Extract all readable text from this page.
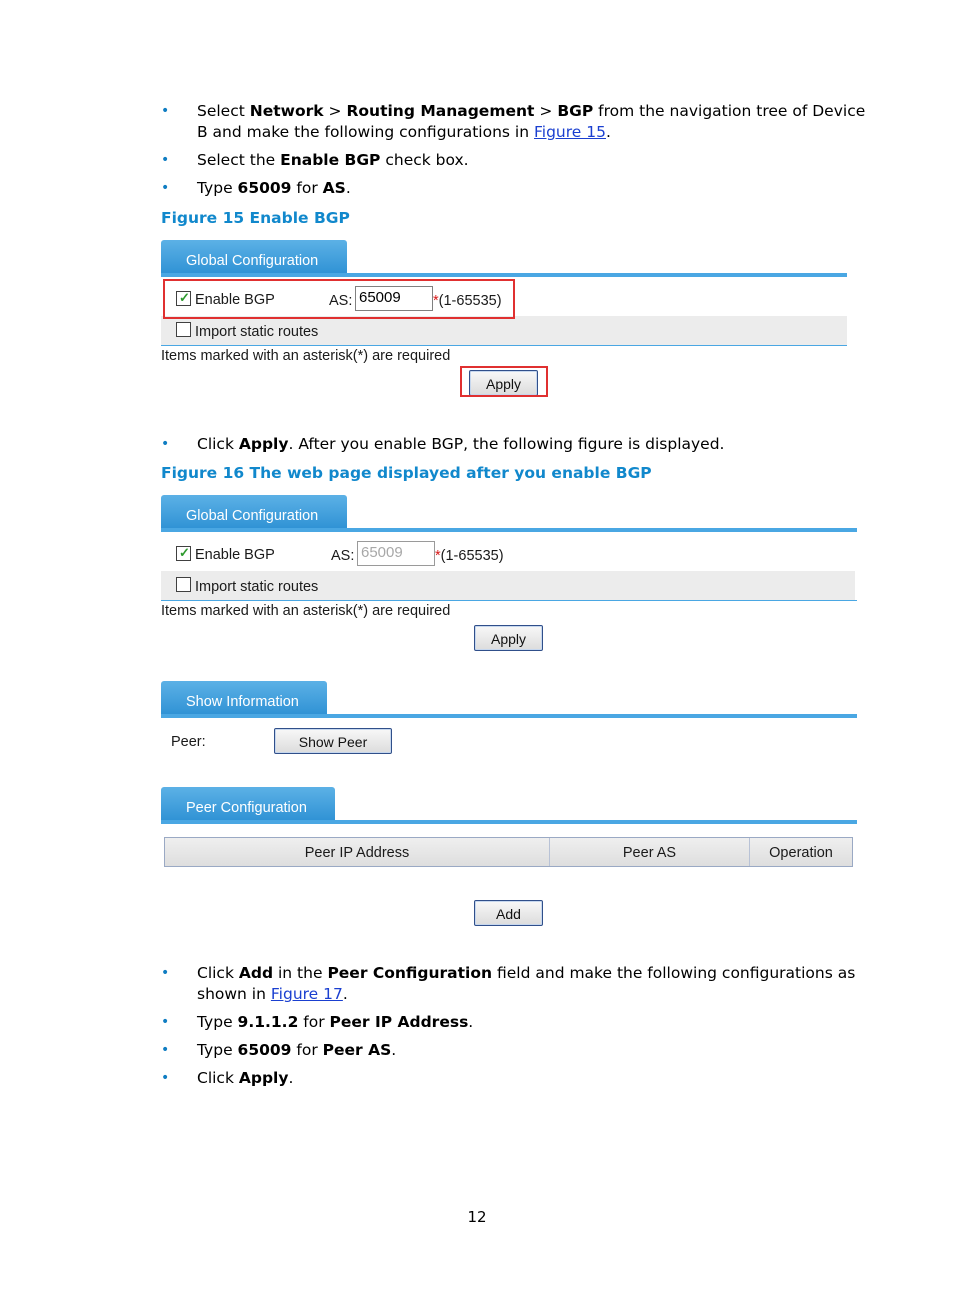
• Select Network > Routing Management > BGP from the navigation tree of Device B and make the following configurations in Figure 15.
• Select the Enable BGP check box.
• Type 65009 for AS.
Figure 15 Enable BGP
Global Configuration
✓ Enable BGP	AS: 65009	*(1-65535)
Import static routes
Items marked with an asterisk(*) are required
Apply
• Click Apply. After you enable BGP, the following figure is displayed.
Figure 16 The web page displayed after you enable BGP
Global Configuration
✓ Enable BGP	AS: 65009	*(1-65535)
Import static routes
Items marked with an asterisk(*) are required
Apply
Show Information
Peer:	Show Peer
Peer Configuration
Peer IP Address	Peer AS	Operation
Add
• Click Add in the Peer Configuration field and make the following configurations as shown in Figure 17.
• Type 9.1.1.2 for Peer IP Address.
• Type 65009 for Peer AS.
• Click Apply.
12
